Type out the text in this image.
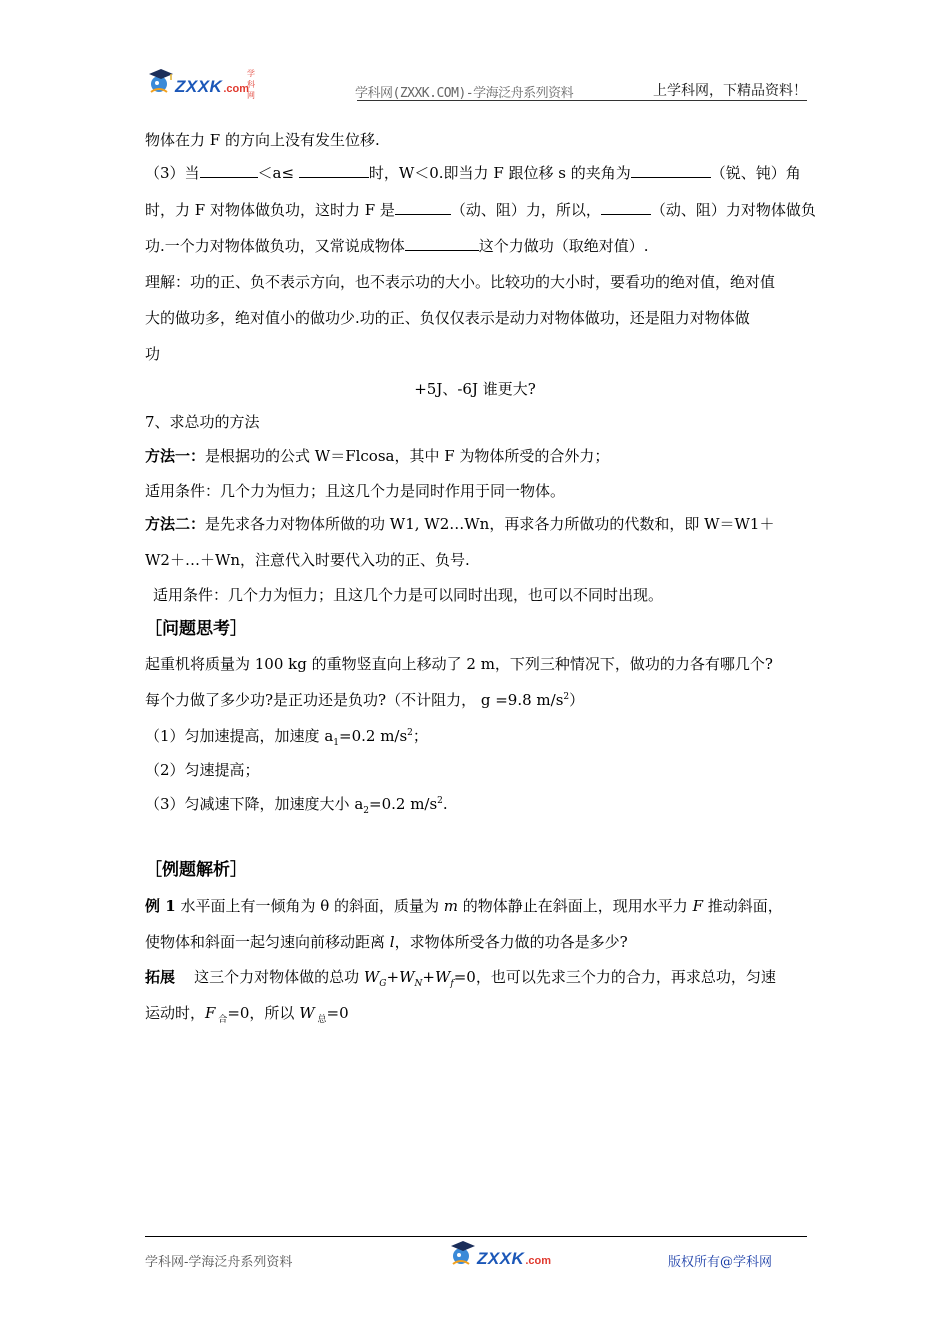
ZXXK .com
学科网	学科网(ZXXK.COM)-学海泛舟系列资料	上学科网，下精品资料！
物体在力 F 的方向上没有发生位移.
（3）当	＜a≤	时，W＜0.即当力 F 跟位移 s 的夹角为	（锐、钝）角
时，力 F 对物体做负功，这时力 F 是	（动、阻）力，所以，	（动、阻）力对物体做负
功.一个力对物体做负功，又常说成物体	这个力做功（取绝对值）.
理解：功的正、负不表示方向，也不表示功的大小。比较功的大小时，要看功的绝对值，绝对值
大的做功多，绝对值小的做功少.功的正、负仅仅表示是动力对物体做功，还是阻力对物体做
功
+5J、-6J 谁更大?
7、求总功的方法
方法一：是根据功的公式 W＝Flcosa，其中 F 为物体所受的合外力；
适用条件：几个力为恒力；且这几个力是同时作用于同一物体。
方法二：是先求各力对物体所做的功 W1, W2…Wn，再求各力所做功的代数和，即 W＝W1＋
W2＋…＋Wn，注意代入时要代入功的正、负号.
适用条件：几个力为恒力；且这几个力是可以同时出现，也可以不同时出现。
［问题思考］
起重机将质量为 100 kg 的重物竖直向上移动了 2 m，下列三种情况下，做功的力各有哪几个?
每个力做了多少功?是正功还是负功?（不计阻力， g =9.8 $m/s^2$）
（1）匀加速提高，加速度 $a_1=0.2$ $m/s^2$；
（2）匀速提高；
（3）匀减速下降，加速度大小 $a_2=0.2$ $m/s^2$.
［例题解析］
例 1 水平面上有一倾角为 θ 的斜面，质量为 m 的物体静止在斜面上，现用水平力 F 推动斜面，
使物体和斜面一起匀速向前移动距离 l，求物体所受各力做的功各是多少?
拓展    这三个力对物体做的总功 $W_G+W_N+W_f=0$，也可以先求三个力的合力，再求总功，匀速
运动时，F $_合$=0，所以 W $_总$=0
学科网-学海泛舟系列资料	ZXXK .com	版权所有@学科网
